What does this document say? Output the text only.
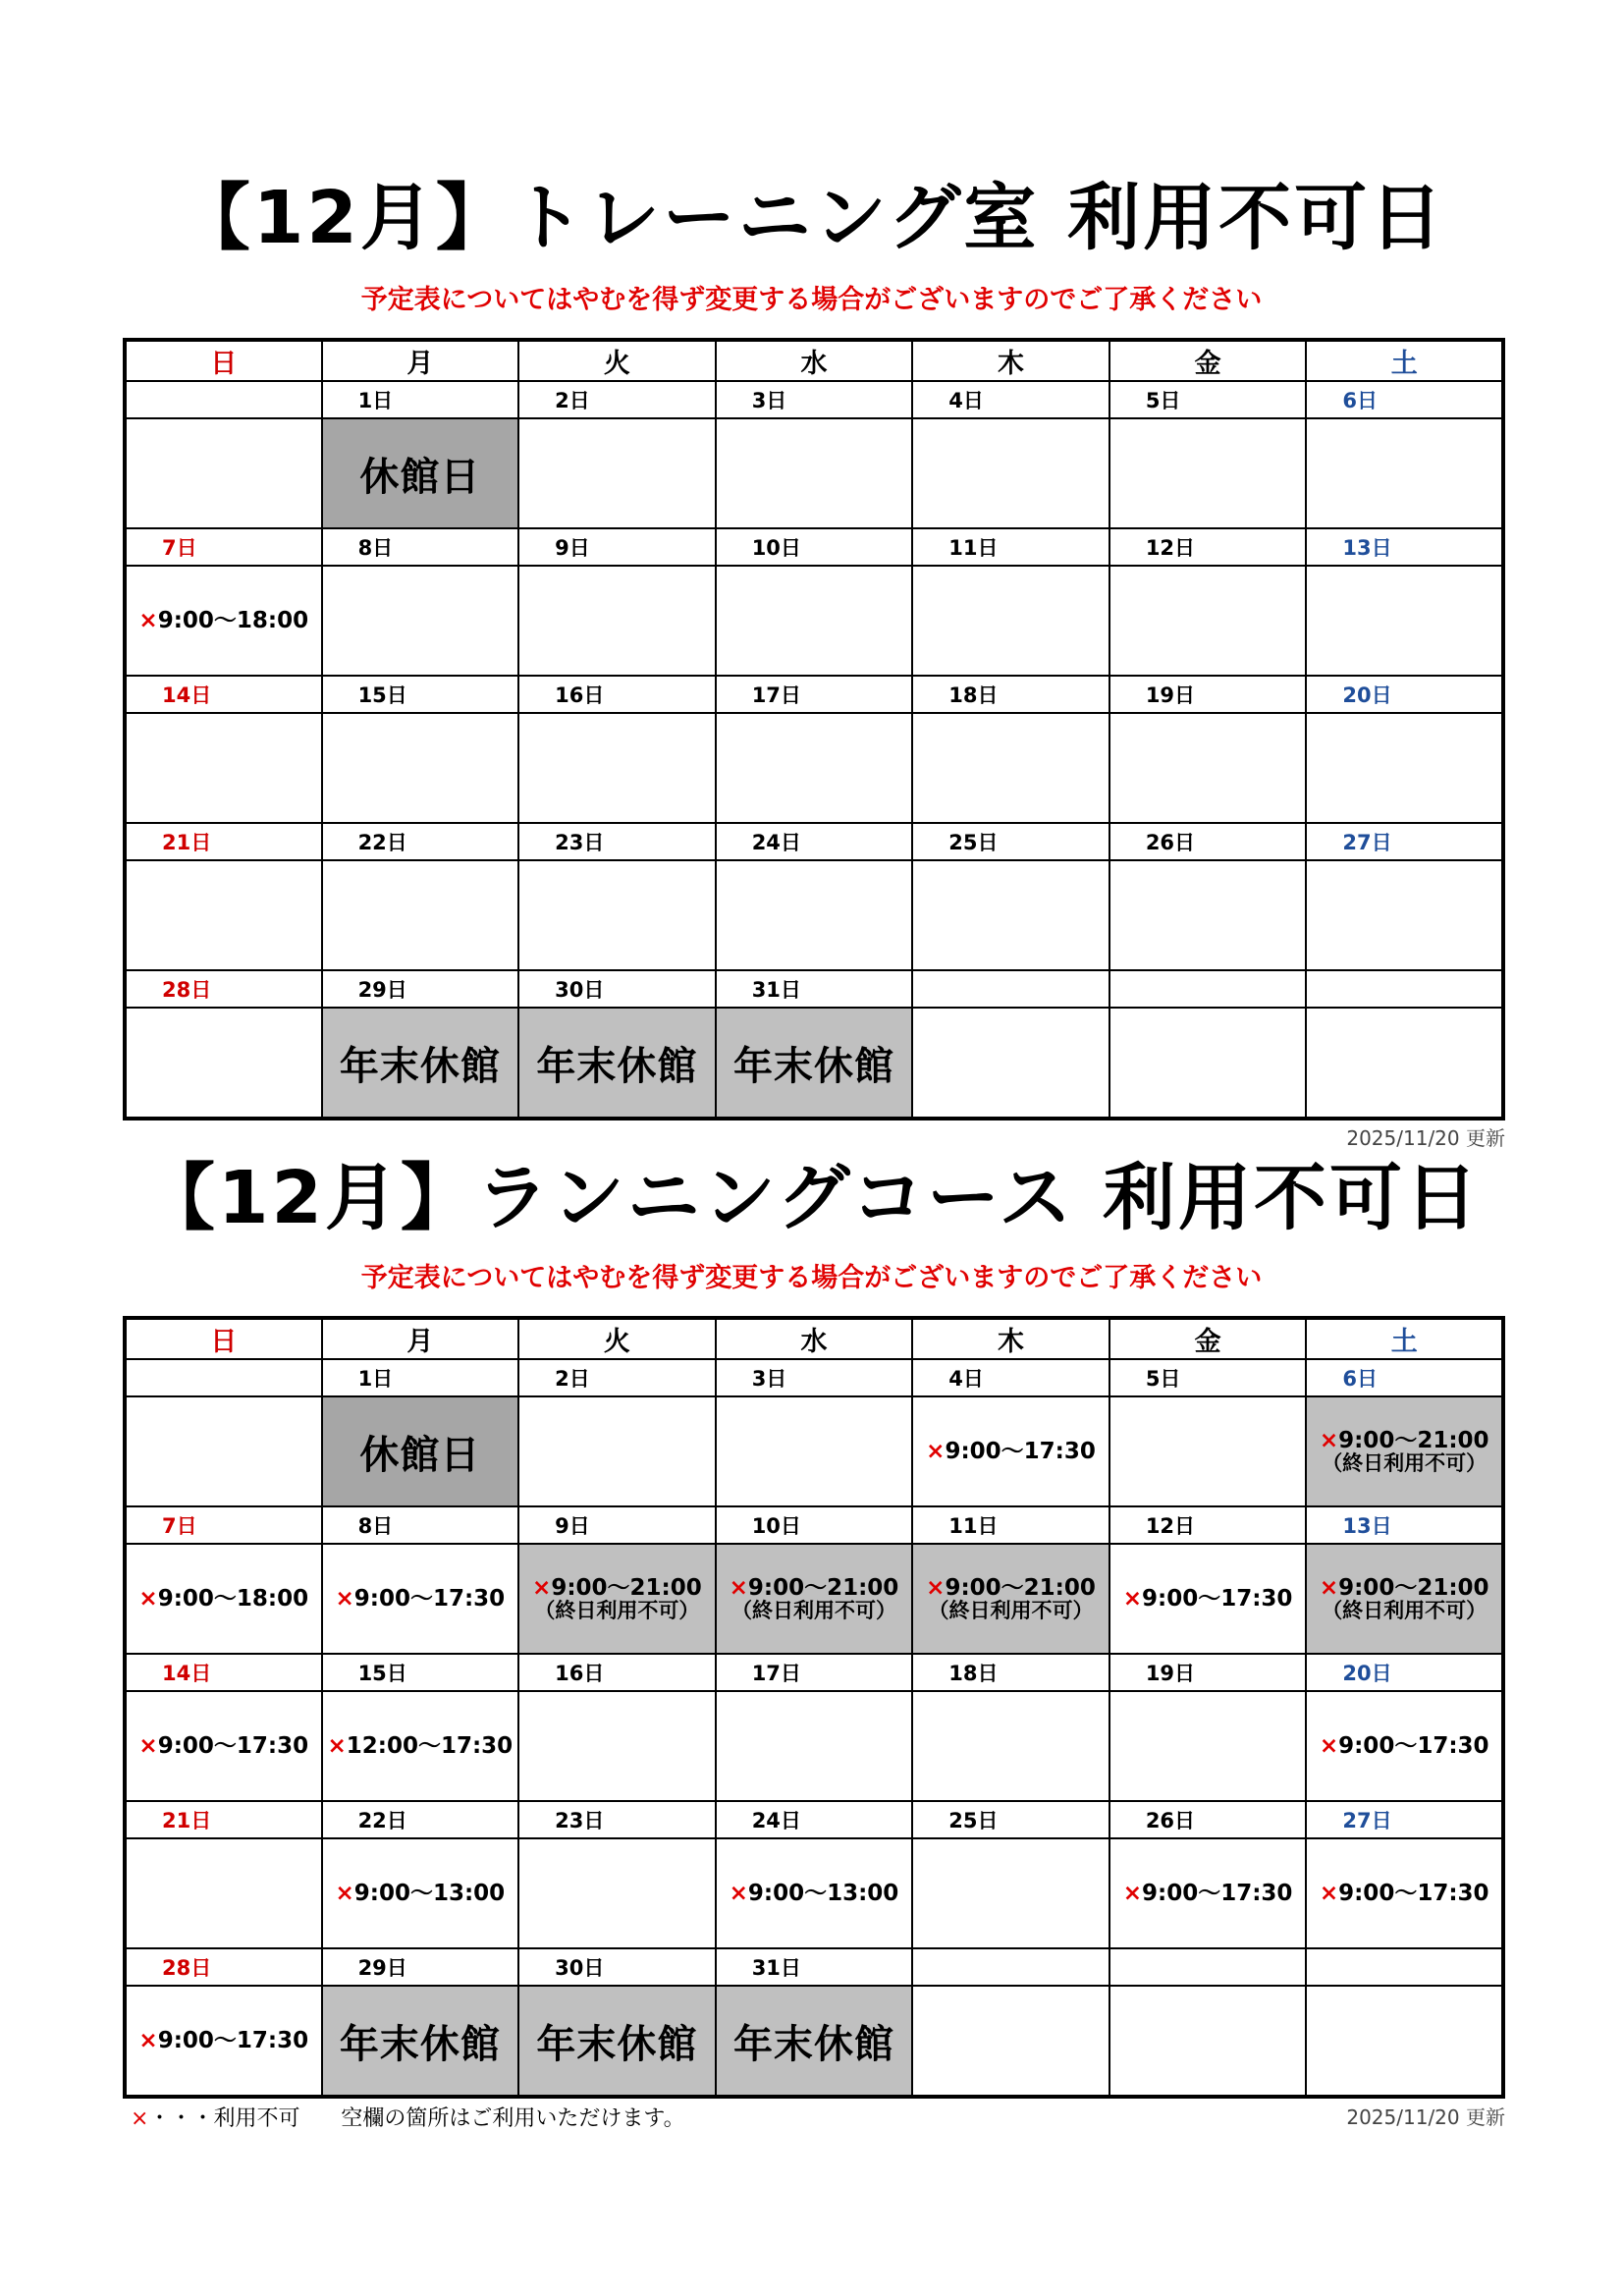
【12月】トレーニング室 利用不可日
予定表についてはやむを得ず変更する場合がございますのでご了承ください
日	月	火	水	木	金	土
	1日	2日	3日	4日	5日	6日
	休館日					
7日	8日	9日	10日	11日	12日	13日

×9:00～18:00						

14日	15日	16日	17日	18日	19日	20日

21日	22日	23日	24日	25日	26日	27日

28日	29日	30日	31日			
	年末休館	年末休館	年末休館			
2025/11/20 更新
【12月】ランニングコース 利用不可日
予定表についてはやむを得ず変更する場合がございますのでご了承ください
日	月	火	水	木	金	土
	1日	2日	3日	4日	5日	6日
	休館日			×9:00～17:30		×9:00～21:00
（終日利用不可）

7日	8日	9日	10日	11日	12日	13日

×9:00～18:00	×9:00～17:30	×9:00～21:00
（終日利用不可）	×9:00～21:00
（終日利用不可）	×9:00～21:00
（終日利用不可）	×9:00～17:30	×9:00～21:00
（終日利用不可）

14日	15日	16日	17日	18日	19日	20日

×9:00～17:30	×12:00～17:30					×9:00～17:30

21日	22日	23日	24日	25日	26日	27日

	×9:00～13:00		×9:00～13:00		×9:00～17:30	×9:00～17:30

28日	29日	30日	31日			

×9:00～17:30	年末休館	年末休館	年末休館			
×・・・利用不可 空欄の箇所はご利用いただけます。	2025/11/20 更新
